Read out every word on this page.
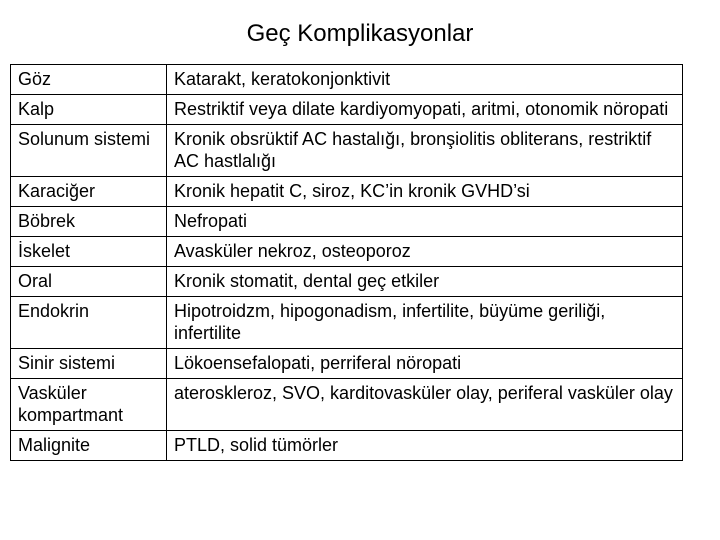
Geç Komplikasyonlar
Göz	Katarakt, keratokonjonktivit
Kalp	Restriktif veya dilate kardiyomyopati, aritmi, otonomik nöropati
Solunum sistemi	Kronik obsrüktif AC hastalığı, bronşiolitis obliterans, restriktif AC hastlalığı
Karaciğer	Kronik hepatit C, siroz, KC’in kronik GVHD’si
Böbrek	Nefropati
İskelet	Avasküler nekroz, osteoporoz
Oral	Kronik stomatit, dental geç etkiler
Endokrin	Hipotroidzm, hipogonadism, infertilite, büyüme geriliği, infertilite
Sinir sistemi	Lökoensefalopati, perriferal nöropati
Vasküler kompartmant	ateroskleroz, SVO, karditovasküler olay, periferal vasküler olay
Malignite	PTLD, solid tümörler
